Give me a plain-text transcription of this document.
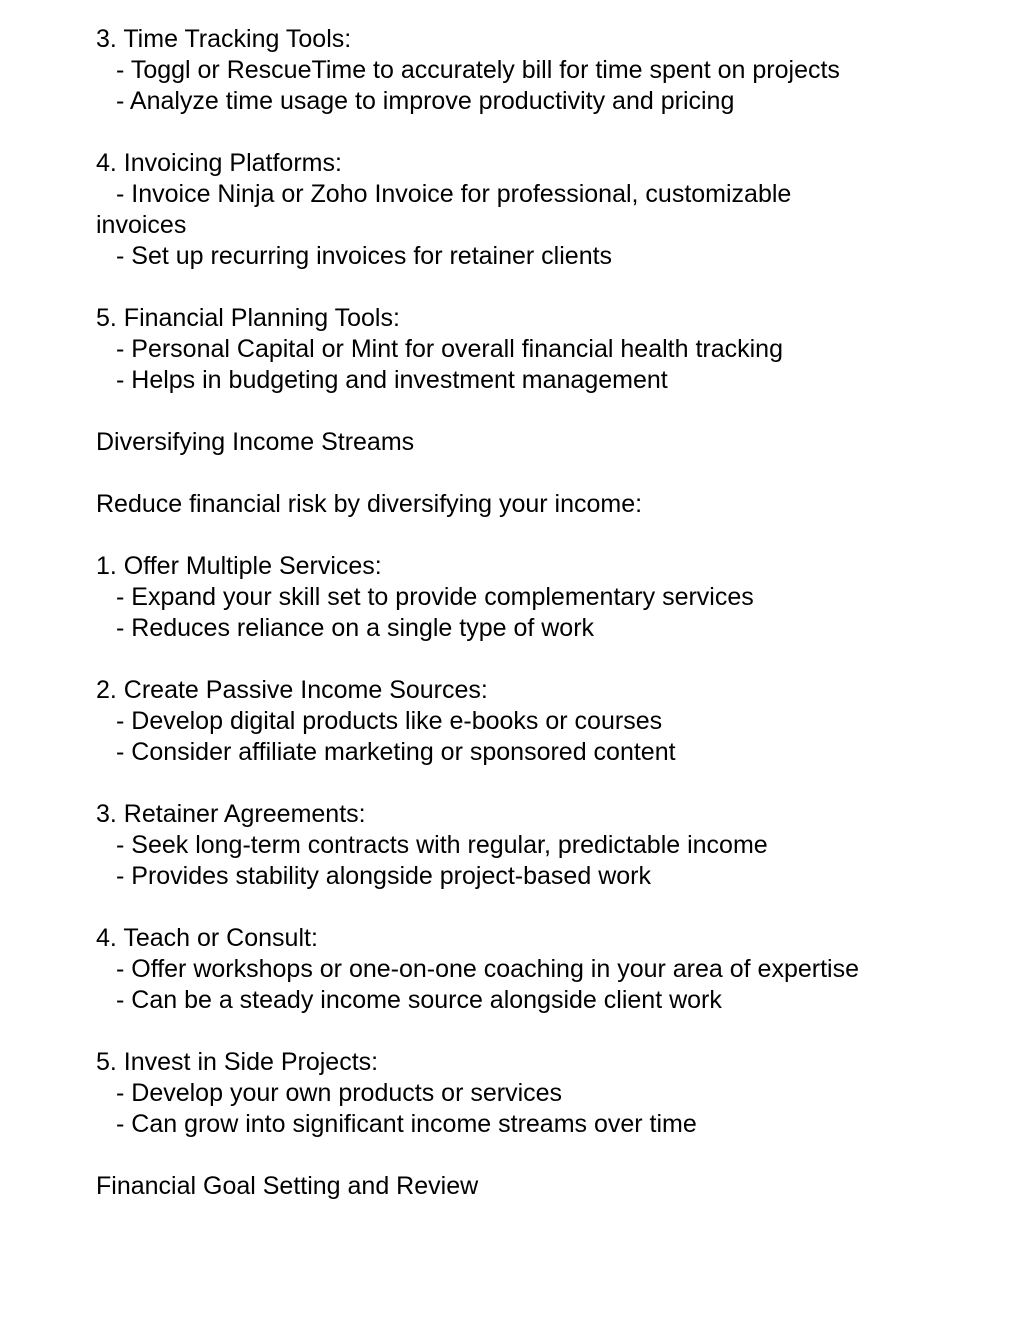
3. Time Tracking Tools:
- Toggl or RescueTime to accurately bill for time spent on projects
- Analyze time usage to improve productivity and pricing
4. Invoicing Platforms:
- Invoice Ninja or Zoho Invoice for professional, customizable
invoices
- Set up recurring invoices for retainer clients
5. Financial Planning Tools:
- Personal Capital or Mint for overall financial health tracking
- Helps in budgeting and investment management
Diversifying Income Streams
Reduce financial risk by diversifying your income:
1. Offer Multiple Services:
- Expand your skill set to provide complementary services
- Reduces reliance on a single type of work
2. Create Passive Income Sources:
- Develop digital products like e-books or courses
- Consider affiliate marketing or sponsored content
3. Retainer Agreements:
- Seek long-term contracts with regular, predictable income
- Provides stability alongside project-based work
4. Teach or Consult:
- Offer workshops or one-on-one coaching in your area of expertise
- Can be a steady income source alongside client work
5. Invest in Side Projects:
- Develop your own products or services
- Can grow into significant income streams over time
Financial Goal Setting and Review
